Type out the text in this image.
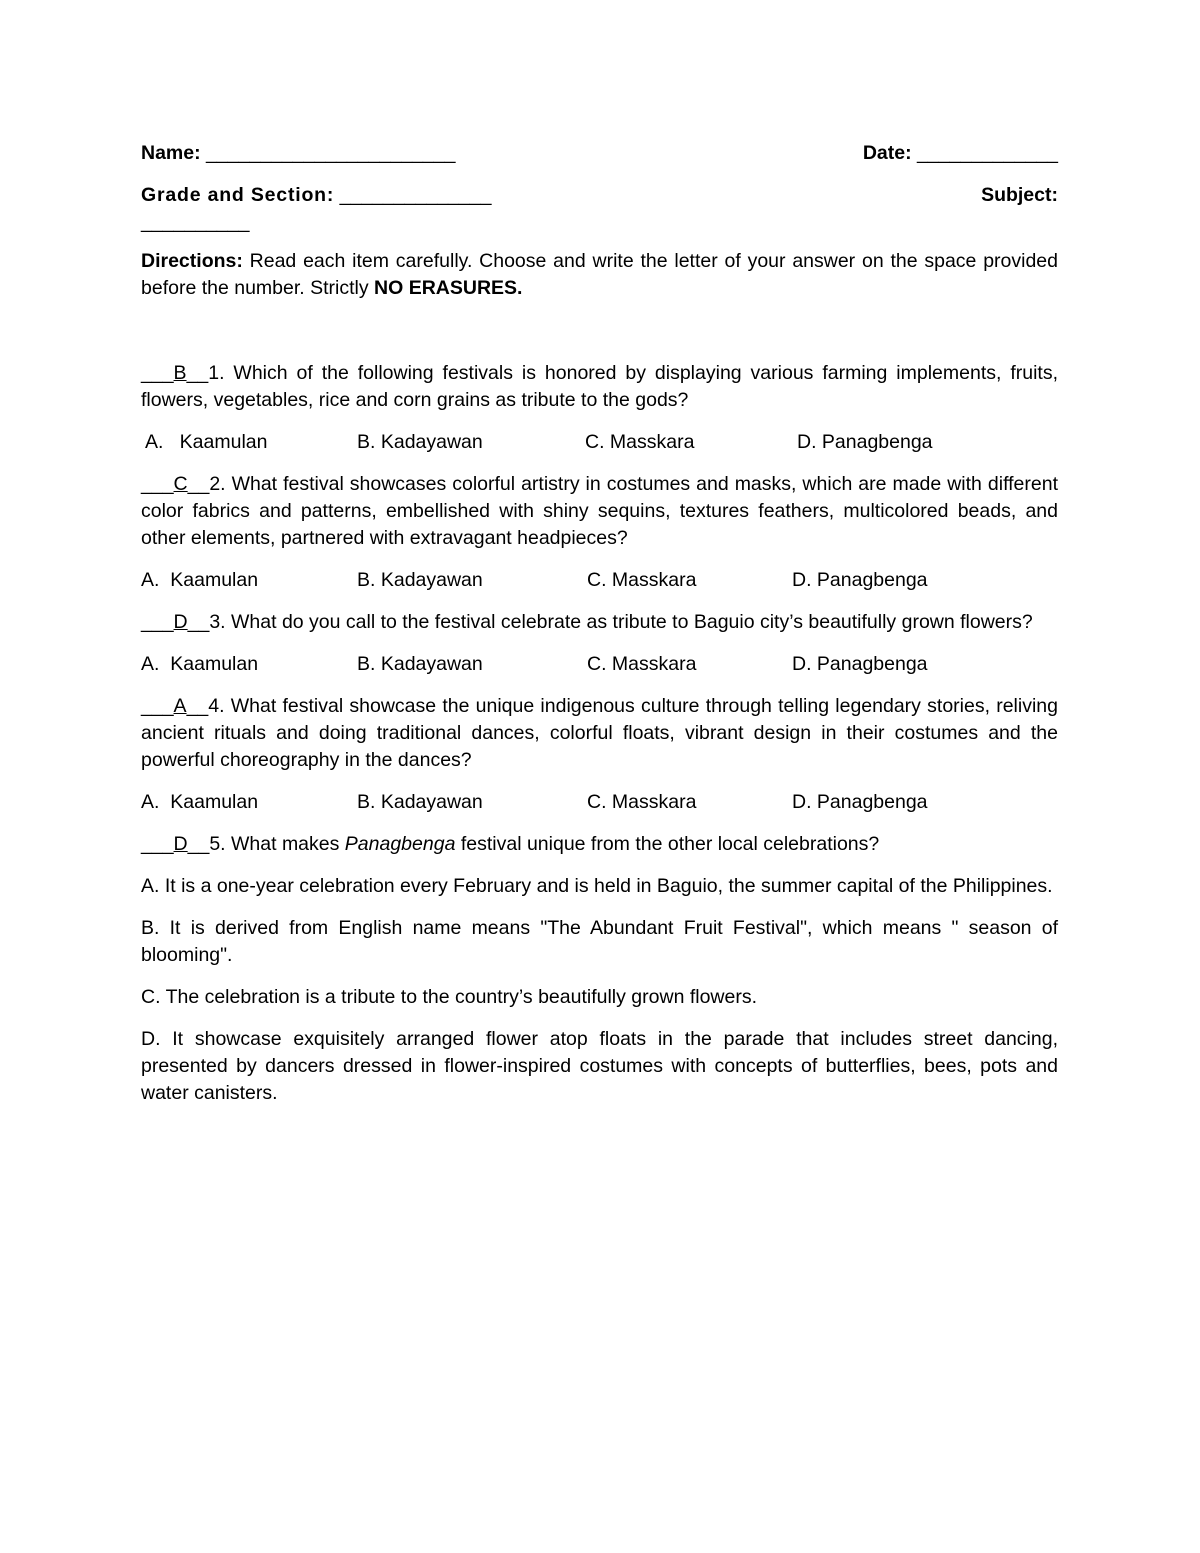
Name: _______________________	Date: _____________
Grade and Section: ______________	Subject:
__________
Directions: Read each item carefully. Choose and write the letter of your answer on the space provided before the number. Strictly NO ERASURES.
___B__1. Which of the following festivals is honored by displaying various farming implements, fruits, flowers, vegetables, rice and corn grains as tribute to the gods?
A.   Kaamulan	B. Kadayawan	C. Masskara	D. Panagbenga
___C__2. What festival showcases colorful artistry in costumes and masks, which are made with different color fabrics and patterns, embellished with shiny sequins, textures feathers, multicolored beads, and other elements, partnered with extravagant headpieces?
A.  Kaamulan	B. Kadayawan	C. Masskara	D. Panagbenga
___D__3. What do you call to the festival celebrate as tribute to Baguio city’s beautifully grown flowers?
A.  Kaamulan	B. Kadayawan	C. Masskara	D. Panagbenga
___A__4. What festival showcase the unique indigenous culture through telling legendary stories, reliving ancient rituals and doing traditional dances, colorful floats, vibrant design in their costumes and the powerful choreography in the dances?
A.  Kaamulan	B. Kadayawan	C. Masskara	D. Panagbenga
___D__5. What makes Panagbenga festival unique from the other local celebrations?
A. It is a one-year celebration every February and is held in Baguio, the summer capital of the Philippines.
B. It is derived from English name means "The Abundant Fruit Festival", which means " season of blooming".
C. The celebration is a tribute to the country’s beautifully grown flowers.
D. It showcase exquisitely arranged flower atop floats in the parade that includes street dancing, presented by dancers dressed in flower-inspired costumes with concepts of butterflies, bees, pots and water canisters.
